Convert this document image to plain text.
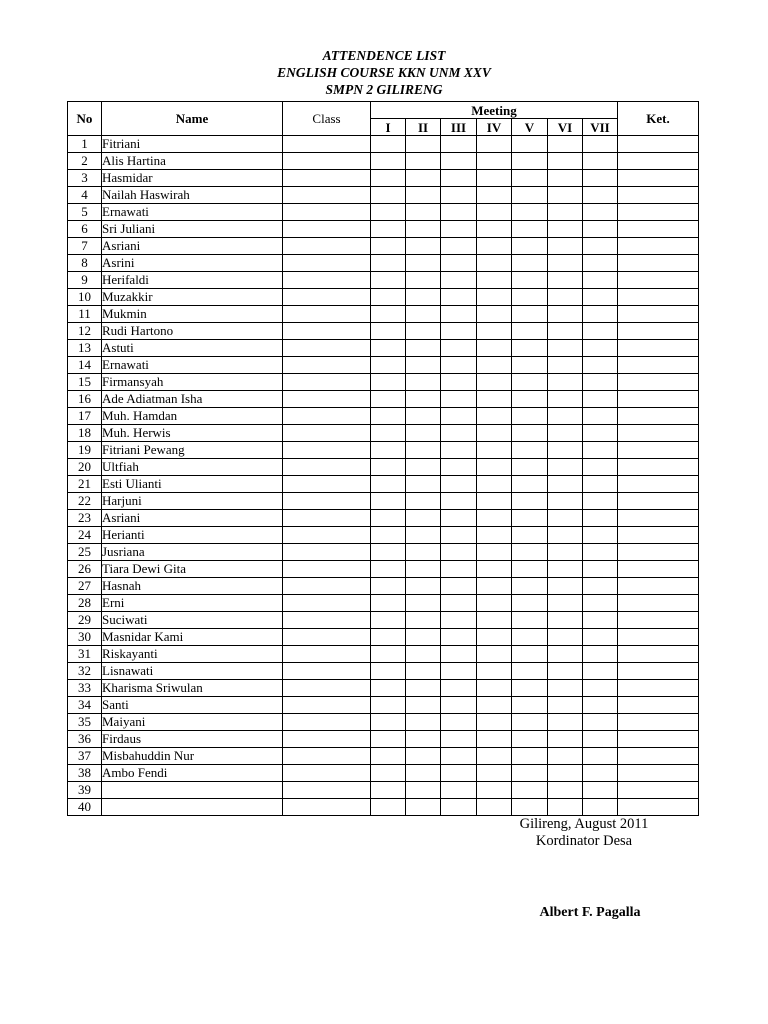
ATTENDENCE LIST
ENGLISH COURSE KKN UNM XXV
SMPN 2 GILIRENG
No	Name	Class	Meeting							Ket.
			I	II	III	IV	V	VI	VII	
1	Fitriani									
2	Alis Hartina									
3	Hasmidar									
4	Nailah Haswirah									
5	Ernawati									
6	Sri Juliani									
7	Asriani									
8	Asrini									
9	Herifaldi									
10	Muzakkir									
11	Mukmin									
12	Rudi Hartono									
13	Astuti									
14	Ernawati									
15	Firmansyah									
16	Ade Adiatman Isha									
17	Muh. Hamdan									
18	Muh. Herwis									
19	Fitriani Pewang									
20	Ultfiah									
21	Esti Ulianti									
22	Harjuni									
23	Asriani									
24	Herianti									
25	Jusriana									
26	Tiara Dewi Gita									
27	Hasnah									
28	Erni									
29	Suciwati									
30	Masnidar Kami									
31	Riskayanti									
32	Lisnawati									
33	Kharisma Sriwulan									
34	Santi									
35	Maiyani									
36	Firdaus									
37	Misbahuddin Nur									
38	Ambo Fendi									
39										
40										
Gilireng, August 2011
Kordinator Desa
Albert F. Pagalla
